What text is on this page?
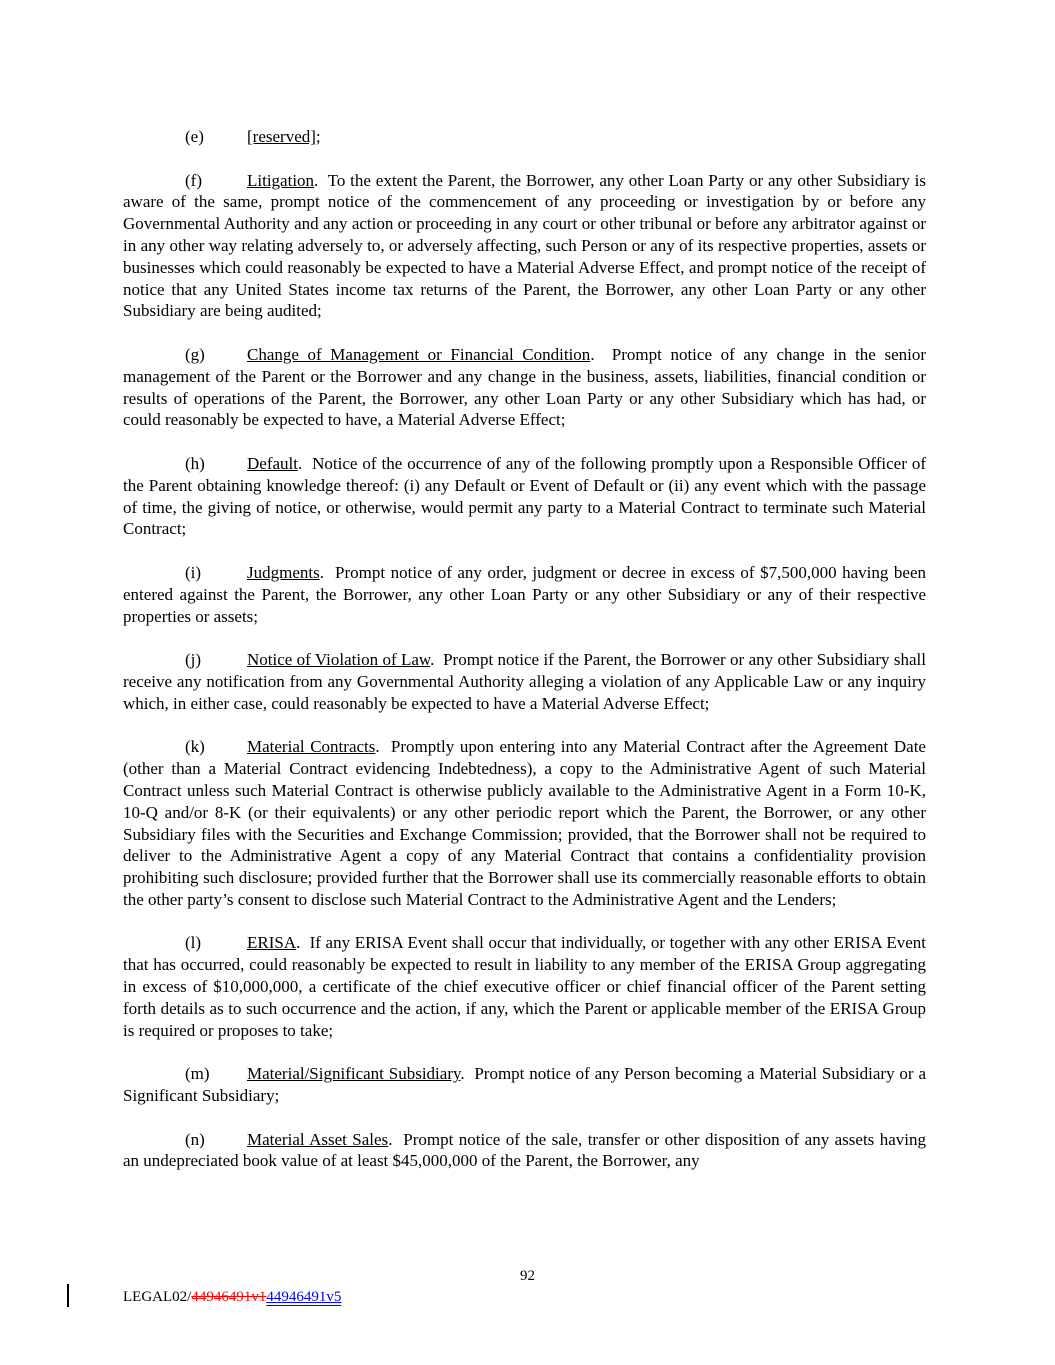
(e)	[reserved];

(f)	Litigation.  To the extent the Parent, the Borrower, any other Loan Party or any other Subsidiary is aware of the same, prompt notice of the commencement of any proceeding or investigation by or before any Governmental Authority and any action or proceeding in any court or other tribunal or before any arbitrator against or in any other way relating adversely to, or adversely affecting, such Person or any of its respective properties, assets or businesses which could reasonably be expected to have a Material Adverse Effect, and prompt notice of the receipt of notice that any United States income tax returns of the Parent, the Borrower, any other Loan Party or any other Subsidiary are being audited;

(g) Change of Management or Financial Condition.  Prompt notice of any change in the senior management of the Parent or the Borrower and any change in the business, assets, liabilities, financial condition or results of operations of the Parent, the Borrower, any other Loan Party or any other Subsidiary which has had, or could reasonably be expected to have, a Material Adverse Effect;

(h) Default.  Notice of the occurrence of any of the following promptly upon a Responsible Officer of the Parent obtaining knowledge thereof: (i) any Default or Event of Default or (ii) any event which with the passage of time, the giving of notice, or otherwise, would permit any party to a Material Contract to terminate such Material Contract;

(i)	Judgments.  Prompt notice of any order, judgment or decree in excess of $7,500,000 having been entered against the Parent, the Borrower, any other Loan Party or any other Subsidiary or any of their respective properties or assets;

(j)	Notice of Violation of Law.  Prompt notice if the Parent, the Borrower or any other Subsidiary shall receive any notification from any Governmental Authority alleging a violation of any Applicable Law or any inquiry which, in either case, could reasonably be expected to have a Material Adverse Effect;

(k) Material Contracts.  Promptly upon entering into any Material Contract after the Agreement Date (other than a Material Contract evidencing Indebtedness), a copy to the Administrative Agent of such Material Contract unless such Material Contract is otherwise publicly available to the Administrative Agent in a Form 10-K, 10-Q and/or 8-K (or their equivalents) or any other periodic report which the Parent, the Borrower, or any other Subsidiary files with the Securities and Exchange Commission; provided, that the Borrower shall not be required to deliver to the Administrative Agent a copy of any Material Contract that contains a confidentiality provision prohibiting such disclosure; provided further that the Borrower shall use its commercially reasonable efforts to obtain the other party’s consent to disclose such Material Contract to the Administrative Agent and the Lenders;

(l)	ERISA.  If any ERISA Event shall occur that individually, or together with any other ERISA Event that has occurred, could reasonably be expected to result in liability to any member of the ERISA Group aggregating in excess of $10,000,000, a certificate of the chief executive officer or chief financial officer of the Parent setting forth details as to such occurrence and the action, if any, which the Parent or applicable member of the ERISA Group is required or proposes to take;

(m) Material/Significant Subsidiary.  Prompt notice of any Person becoming a Material Subsidiary or a Significant Subsidiary;

(n) Material Asset Sales.  Prompt notice of the sale, transfer or other disposition of any assets having an undepreciated book value of at least $45,000,000 of the Parent, the Borrower, any

92
LEGAL02/44946491v144946491v5
